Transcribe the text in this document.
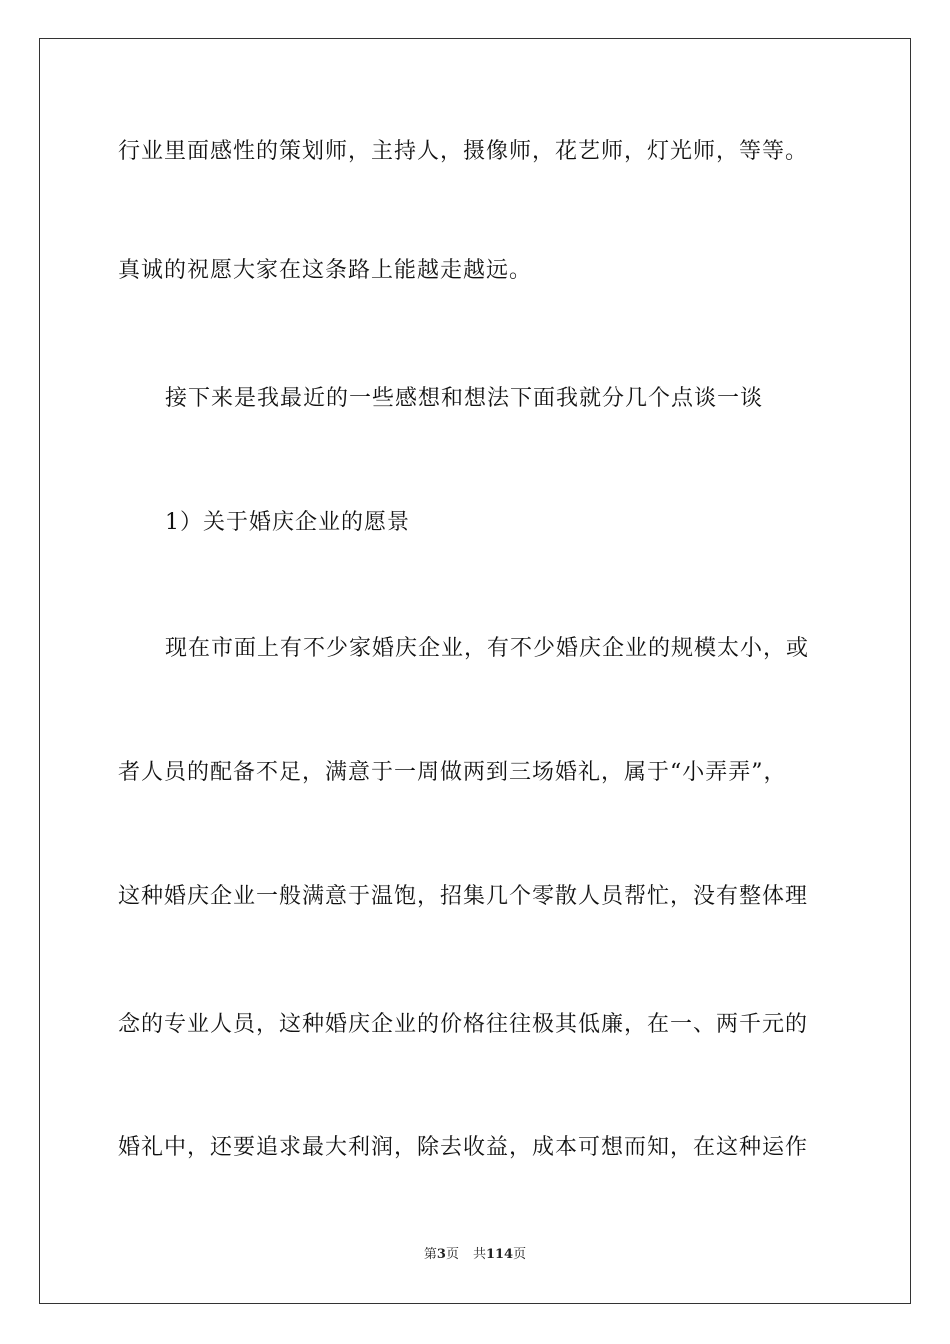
行业里面感性的策划师，主持人，摄像师，花艺师，灯光师，等等。
真诚的祝愿大家在这条路上能越走越远。
接下来是我最近的一些感想和想法下面我就分几个点谈一谈
1）关于婚庆企业的愿景
现在市面上有不少家婚庆企业，有不少婚庆企业的规模太小，或
者人员的配备不足，满意于一周做两到三场婚礼，属于“小弄弄”，
这种婚庆企业一般满意于温饱，招集几个零散人员帮忙，没有整体理
念的专业人员，这种婚庆企业的价格往往极其低廉，在一、两千元的
婚礼中，还要追求最大利润，除去收益，成本可想而知，在这种运作
第3页 共114页
